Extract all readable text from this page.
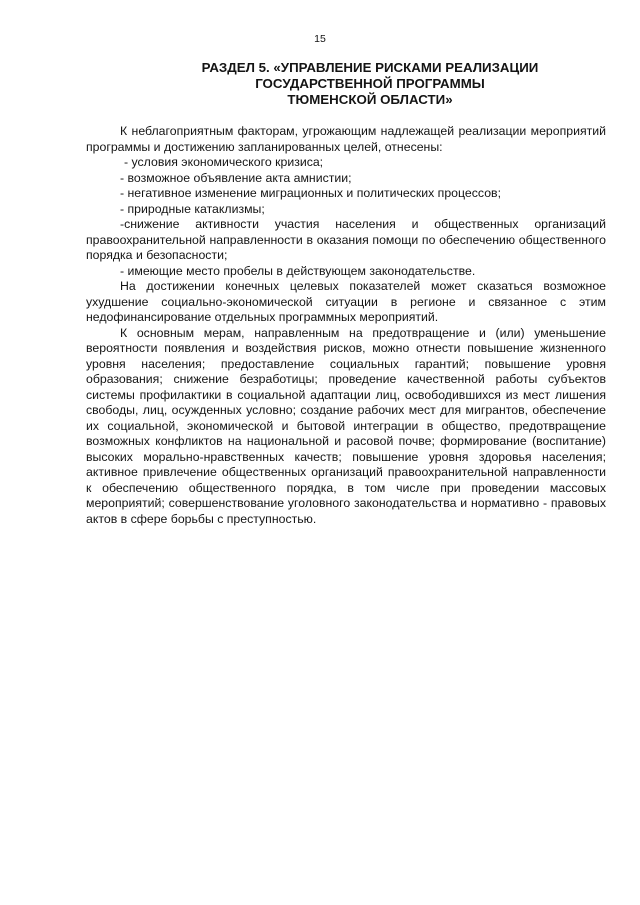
15
РАЗДЕЛ 5. «УПРАВЛЕНИЕ РИСКАМИ РЕАЛИЗАЦИИ
ГОСУДАРСТВЕННОЙ ПРОГРАММЫ
ТЮМЕНСКОЙ ОБЛАСТИ»

К неблагоприятным факторам, угрожающим надлежащей реализации мероприятий программы и достижению запланированных целей, отнесены:

- условия экономического кризиса;

- возможное объявление акта амнистии;

- негативное изменение миграционных и политических процессов;

- природные катаклизмы;

-снижение активности участия населения и общественных организаций правоохранительной направленности в оказания помощи по обеспечению общественного порядка и безопасности;

- имеющие место пробелы в действующем законодательстве.

На достижении конечных целевых показателей может сказаться возможное ухудшение социально-экономической ситуации в регионе и связанное с этим недофинансирование отдельных программных мероприятий.

К основным мерам, направленным на предотвращение и (или) уменьшение вероятности появления и воздействия рисков, можно отнести повышение жизненного уровня населения; предоставление социальных гарантий; повышение уровня образования; снижение безработицы; проведение качественной работы субъектов системы профилактики в социальной адаптации лиц, освободившихся из мест лишения свободы, лиц, осужденных условно; создание рабочих мест для мигрантов, обеспечение их социальной, экономической и бытовой интеграции в общество, предотвращение возможных конфликтов на национальной и расовой почве; формирование (воспитание) высоких морально-нравственных качеств; повышение уровня здоровья населения; активное привлечение общественных организаций правоохранительной направленности к обеспечению общественного порядка, в том числе при проведении массовых мероприятий; совершенствование уголовного законодательства и нормативно - правовых актов в сфере борьбы с преступностью.
